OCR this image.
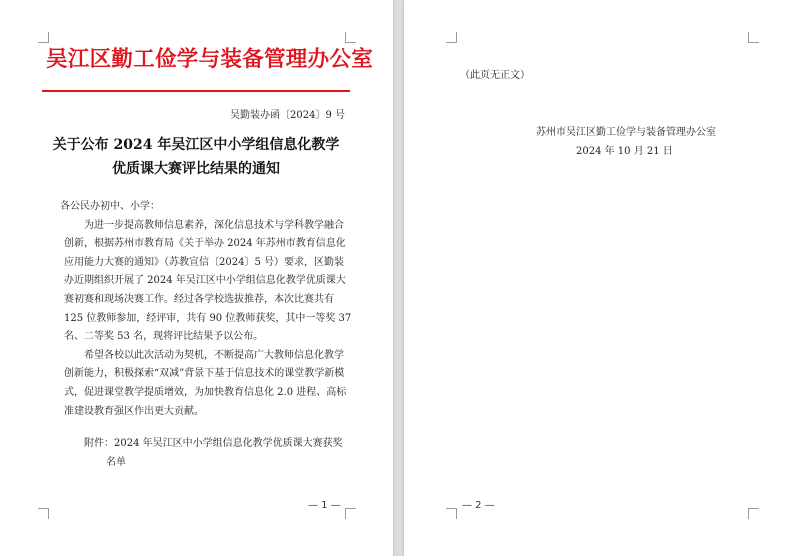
吴江区勤工俭学与装备管理办公室
吴勤装办函〔2024〕9 号
关于公布 2024 年吴江区中小学组信息化教学
优质课大赛评比结果的通知

各公民办初中、小学：

为进一步提高教师信息素养，深化信息技术与学科教学融合

创新，根据苏州市教育局《关于举办 2024 年苏州市教育信息化

应用能力大赛的通知》（苏教宣信〔2024〕5 号）要求，区勤装

办近期组织开展了 2024 年吴江区中小学组信息化教学优质课大

赛初赛和现场决赛工作。经过各学校选拔推荐，本次比赛共有

125 位教师参加，经评审，共有 90 位教师获奖，其中一等奖 37

名、二等奖 53 名，现将评比结果予以公布。

希望各校以此次活动为契机，不断提高广大教师信息化教学

创新能力，积极探索“双减”背景下基于信息技术的课堂教学新模

式，促进课堂教学提质增效，为加快教育信息化 2.0 进程、高标

准建设教育强区作出更大贡献。

附件：2024 年吴江区中小学组信息化教学优质课大赛获奖

名单

— 1 —	— 2 —
（此页无正文）
苏州市吴江区勤工俭学与装备管理办公室
2024 年 10 月 21 日
